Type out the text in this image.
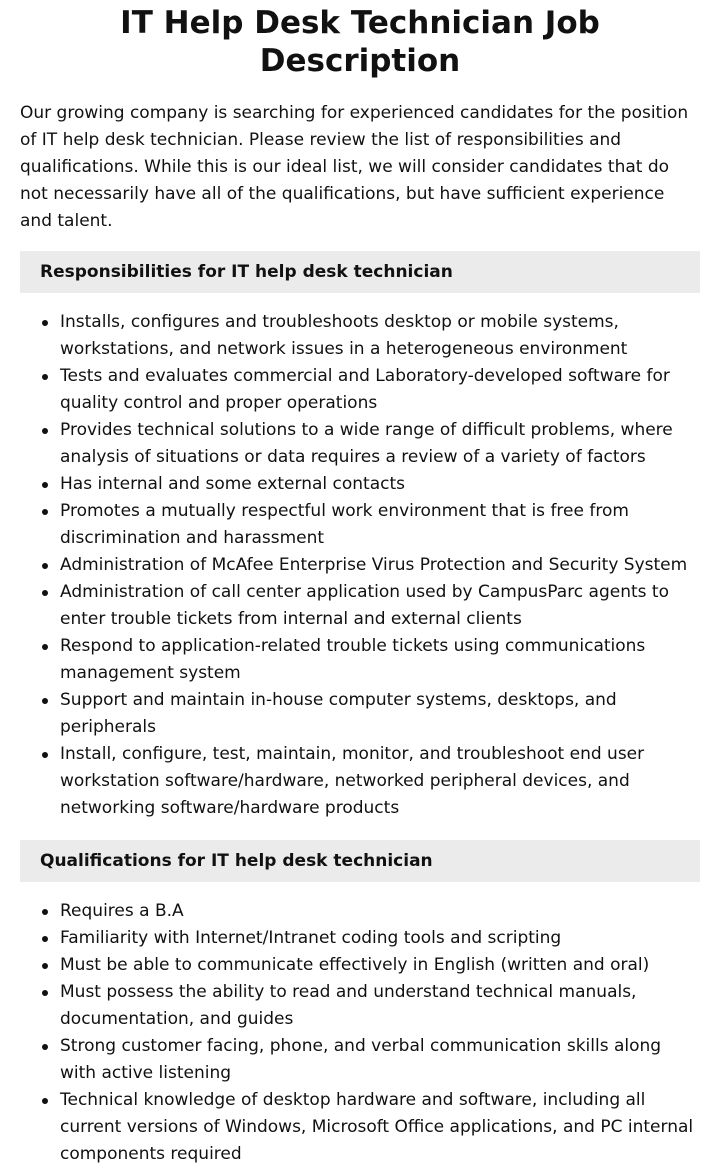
IT Help Desk Technician Job Description

Our growing company is searching for experienced candidates for the position of IT help desk technician. Please review the list of responsibilities and qualifications. While this is our ideal list, we will consider candidates that do not necessarily have all of the qualifications, but have sufficient experience and talent.

Responsibilities for IT help desk technician
Installs, configures and troubleshoots desktop or mobile systems, workstations, and network issues in a heterogeneous environment
Tests and evaluates commercial and Laboratory-developed software for quality control and proper operations
Provides technical solutions to a wide range of difficult problems, where analysis of situations or data requires a review of a variety of factors
Has internal and some external contacts
Promotes a mutually respectful work environment that is free from discrimination and harassment
Administration of McAfee Enterprise Virus Protection and Security System
Administration of call center application used by CampusParc agents to enter trouble tickets from internal and external clients
Respond to application-related trouble tickets using communications management system
Support and maintain in-house computer systems, desktops, and peripherals
Install, configure, test, maintain, monitor, and troubleshoot end user workstation software/hardware, networked peripheral devices, and networking software/hardware products
Qualifications for IT help desk technician
Requires a B.A
Familiarity with Internet/Intranet coding tools and scripting
Must be able to communicate effectively in English (written and oral)
Must possess the ability to read and understand technical manuals, documentation, and guides
Strong customer facing, phone, and verbal communication skills along with active listening
Technical knowledge of desktop hardware and software, including all current versions of Windows, Microsoft Office applications, and PC internal components required
